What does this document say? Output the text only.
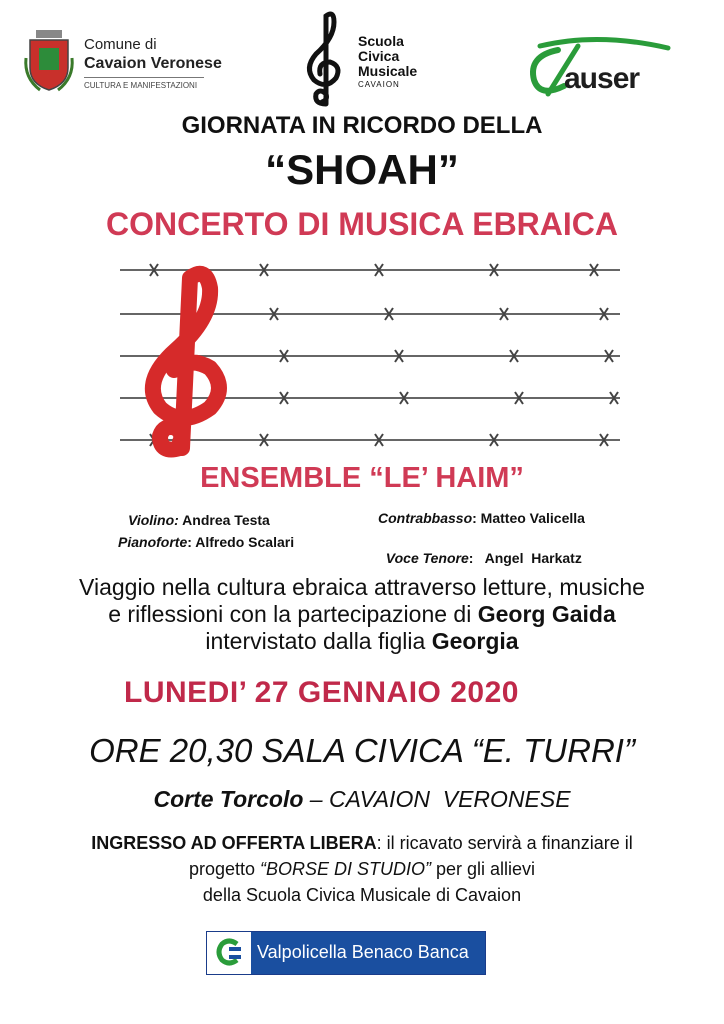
Comune di
Cavaion Veronese
CULTURA E MANIFESTAZIONI
Scuola
Civica
Musicale
CAVAION	auser
GIORNATA IN RICORDO DELLA
“SHOAH”
CONCERTO DI MUSICA EBRAICA
ENSEMBLE “LE’ HAIM”
Violino: Andrea Testa
Pianoforte: Alfredo Scalari
Contrabbasso: Matteo Valicella

Voce Tenore:   Angel  Harkatz

Viaggio nella cultura ebraica attraverso letture, musiche
e riflessioni con la partecipazione di Georg Gaida
intervistato dalla figlia Georgia
LUNEDI’ 27 GENNAIO 2020
ORE 20,30 SALA CIVICA “E. TURRI”
Corte Torcolo – CAVAION  VERONESE
INGRESSO AD OFFERTA LIBERA: il ricavato servirà a finanziare il
progetto “BORSE DI STUDIO” per gli allievi
della Scuola Civica Musicale di Cavaion
Valpolicella Benaco Banca
